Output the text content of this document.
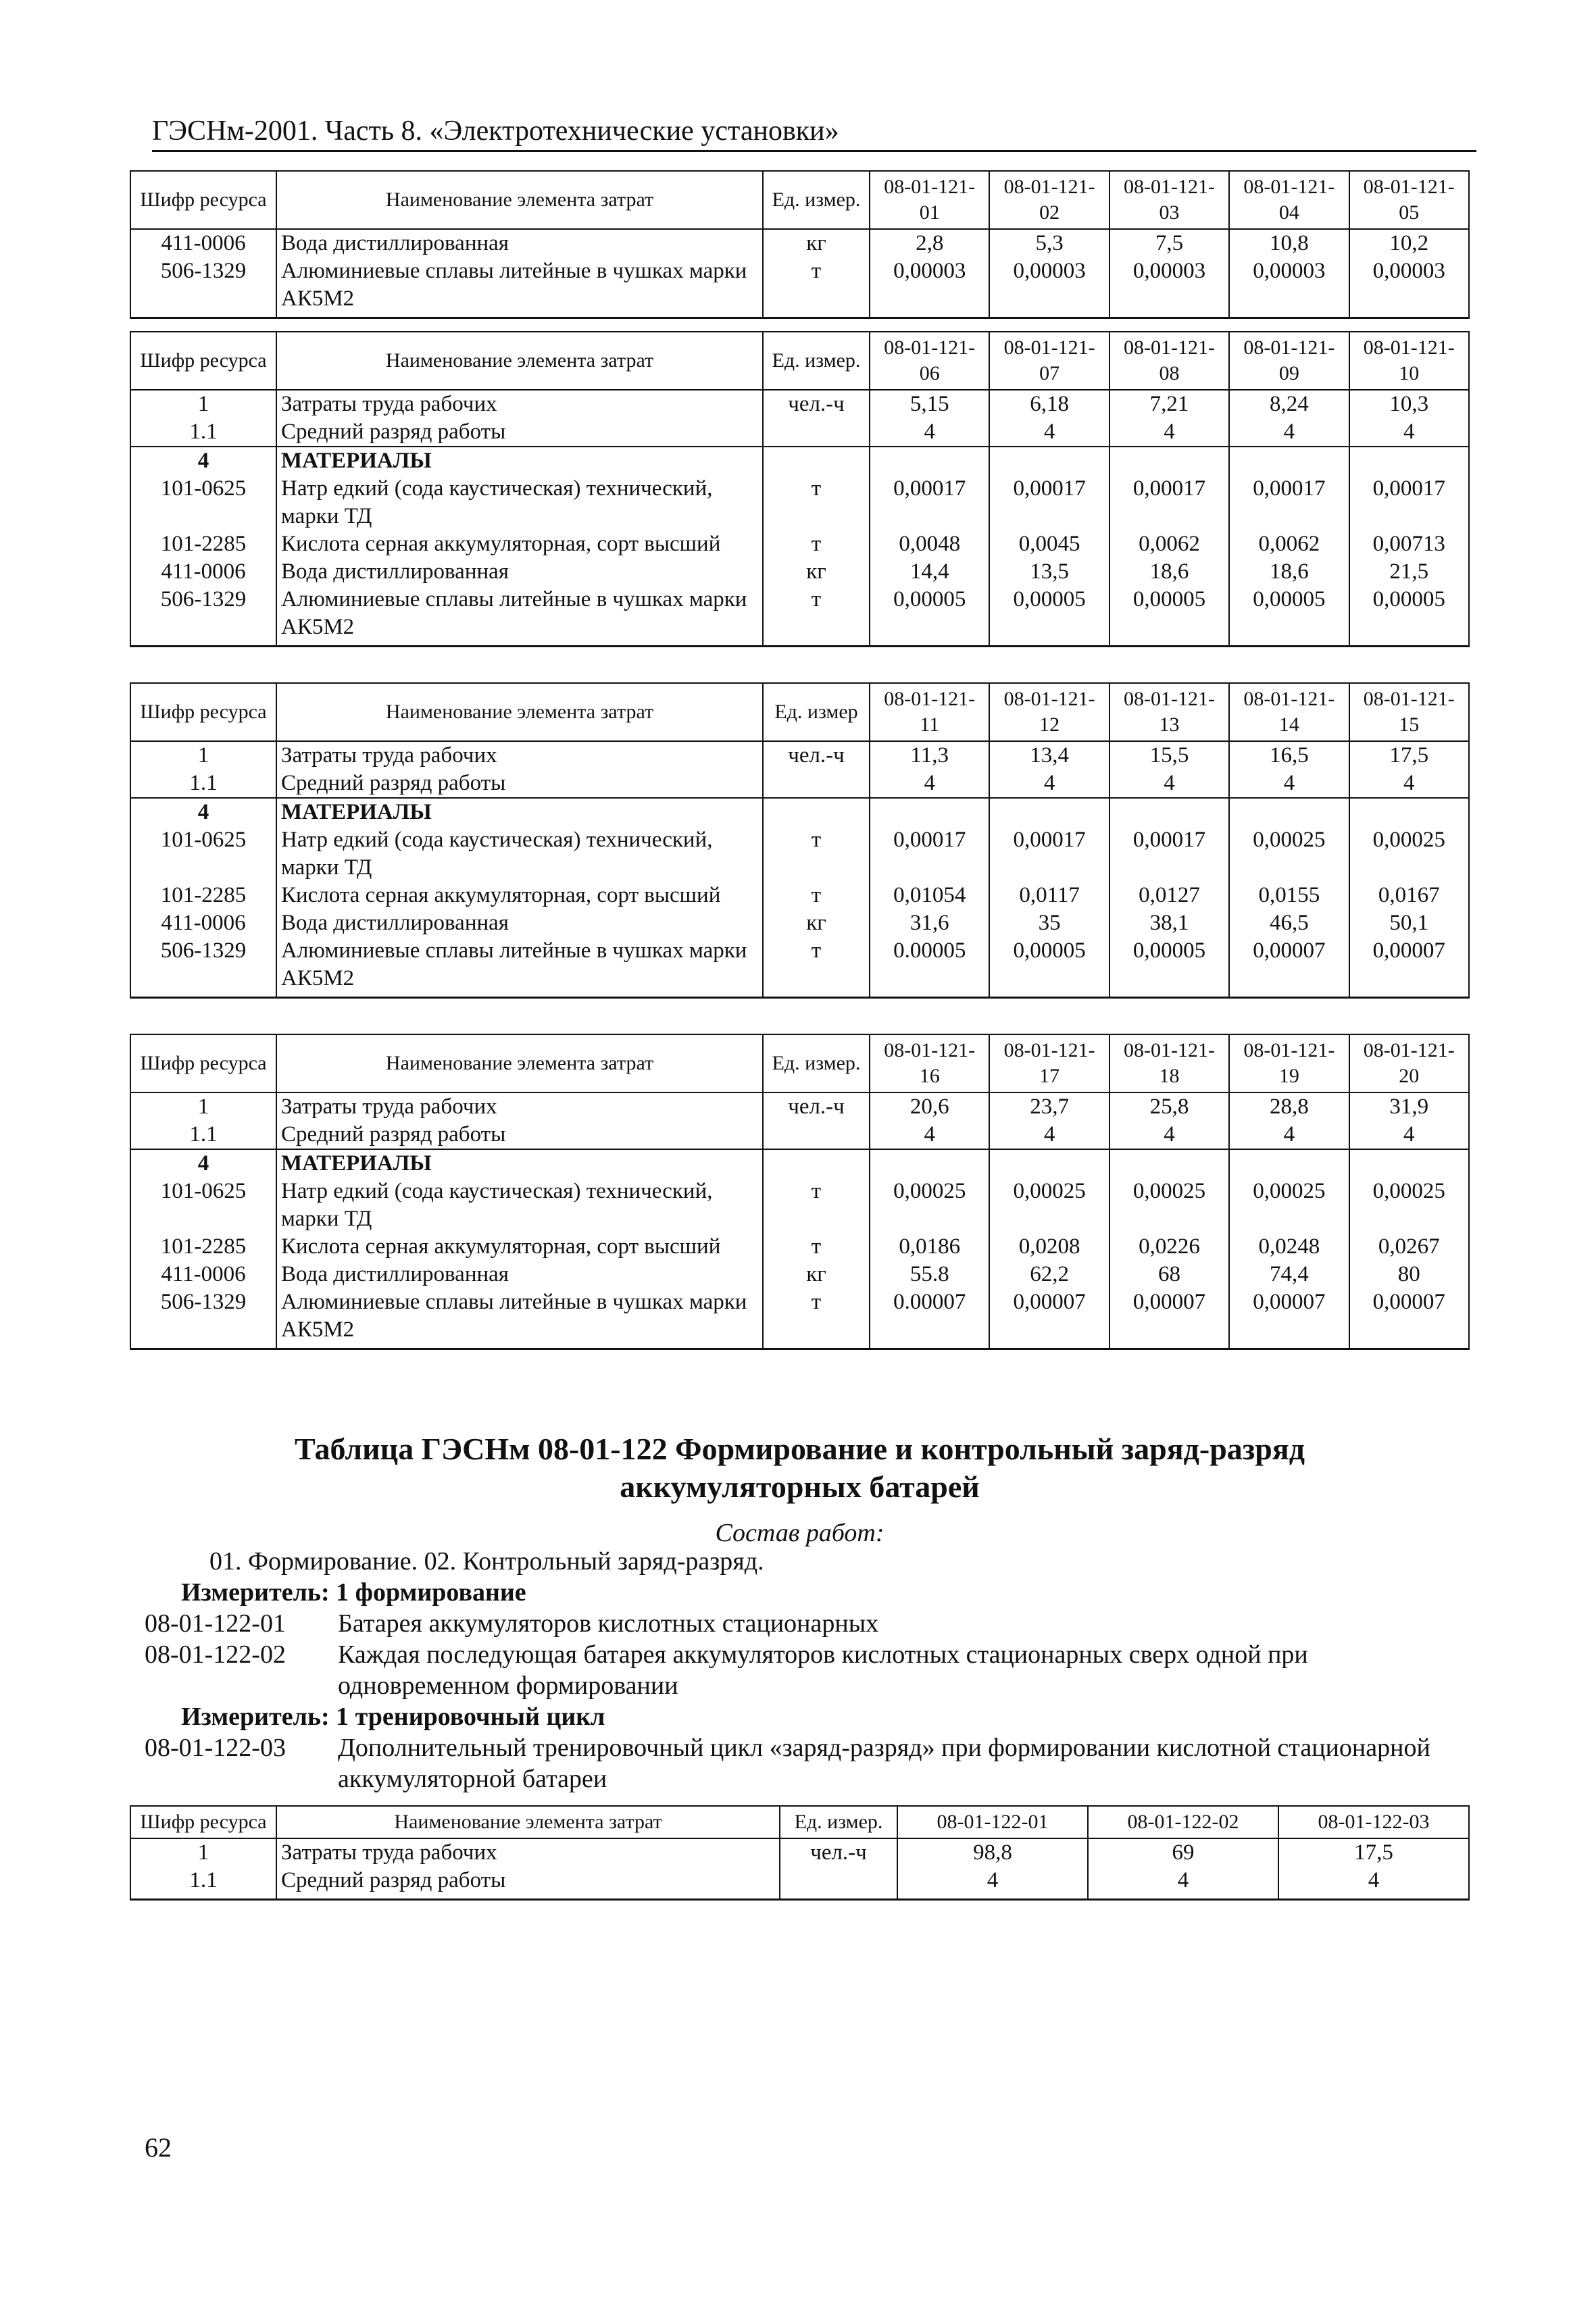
ГЭСНм-2001. Часть 8. «Электротехнические установки»
Шифр ресурса	Наименование элемента затрат	Ед. измер.	08-01-121-01	08-01-121-02	08-01-121-03	08-01-121-04	08-01-121-05
411-0006	Вода дистиллированная	кг	2,8	5,3	7,5	10,8	10,2
506-1329	Алюминиевые сплавы литейные в чушках марки АК5М2	т	0,00003	0,00003	0,00003	0,00003	0,00003
Шифр ресурса	Наименование элемента затрат	Ед. измер.	08-01-121-06	08-01-121-07	08-01-121-08	08-01-121-09	08-01-121-10
1	Затраты труда рабочих	чел.-ч	5,15	6,18	7,21	8,24	10,3
1.1	Средний разряд работы		4	4	4	4	4
4	МАТЕРИАЛЫ						
101-0625	Натр едкий (сода каустическая) технический, марки ТД	т	0,00017	0,00017	0,00017	0,00017	0,00017
101-2285	Кислота серная аккумуляторная, сорт высший	т	0,0048	0,0045	0,0062	0,0062	0,00713
411-0006	Вода дистиллированная	кг	14,4	13,5	18,6	18,6	21,5
506-1329	Алюминиевые сплавы литейные в чушках марки АК5М2	т	0,00005	0,00005	0,00005	0,00005	0,00005
Шифр ресурса	Наименование элемента затрат	Ед. измер	08-01-121-11	08-01-121-12	08-01-121-13	08-01-121-14	08-01-121-15
1	Затраты труда рабочих	чел.-ч	11,3	13,4	15,5	16,5	17,5
1.1	Средний разряд работы		4	4	4	4	4
4	МАТЕРИАЛЫ						
101-0625	Натр едкий (сода каустическая) технический, марки ТД	т	0,00017	0,00017	0,00017	0,00025	0,00025
101-2285	Кислота серная аккумуляторная, сорт высший	т	0,01054	0,0117	0,0127	0,0155	0,0167
411-0006	Вода дистиллированная	кг	31,6	35	38,1	46,5	50,1
506-1329	Алюминиевые сплавы литейные в чушках марки АК5М2	т	0.00005	0,00005	0,00005	0,00007	0,00007
Шифр ресурса	Наименование элемента затрат	Ед. измер.	08-01-121-16	08-01-121-17	08-01-121-18	08-01-121-19	08-01-121-20
1	Затраты труда рабочих	чел.-ч	20,6	23,7	25,8	28,8	31,9
1.1	Средний разряд работы		4	4	4	4	4
4	МАТЕРИАЛЫ						
101-0625	Натр едкий (сода каустическая) технический, марки ТД	т	0,00025	0,00025	0,00025	0,00025	0,00025
101-2285	Кислота серная аккумуляторная, сорт высший	т	0,0186	0,0208	0,0226	0,0248	0,0267
411-0006	Вода дистиллированная	кг	55.8	62,2	68	74,4	80
506-1329	Алюминиевые сплавы литейные в чушках марки АК5М2	т	0.00007	0,00007	0,00007	0,00007	0,00007
Таблица ГЭСНм 08-01-122 Формирование и контрольный заряд-разряд
аккумуляторных батарей
Состав работ:
01. Формирование. 02. Контрольный заряд-разряд.
Измеритель: 1 формирование
08-01-122-01	Батарея аккумуляторов кислотных стационарных
08-01-122-02	Каждая последующая батарея аккумуляторов кислотных стационарных сверх одной при одновременном формировании
Измеритель: 1 тренировочный цикл
08-01-122-03	Дополнительный тренировочный цикл «заряд-разряд» при формировании кислотной стационарной аккумуляторной батареи
Шифр ресурса	Наименование элемента затрат	Ед. измер.	08-01-122-01	08-01-122-02	08-01-122-03
1	Затраты труда рабочих	чел.-ч	98,8	69	17,5
1.1	Средний разряд работы		4	4	4
62
